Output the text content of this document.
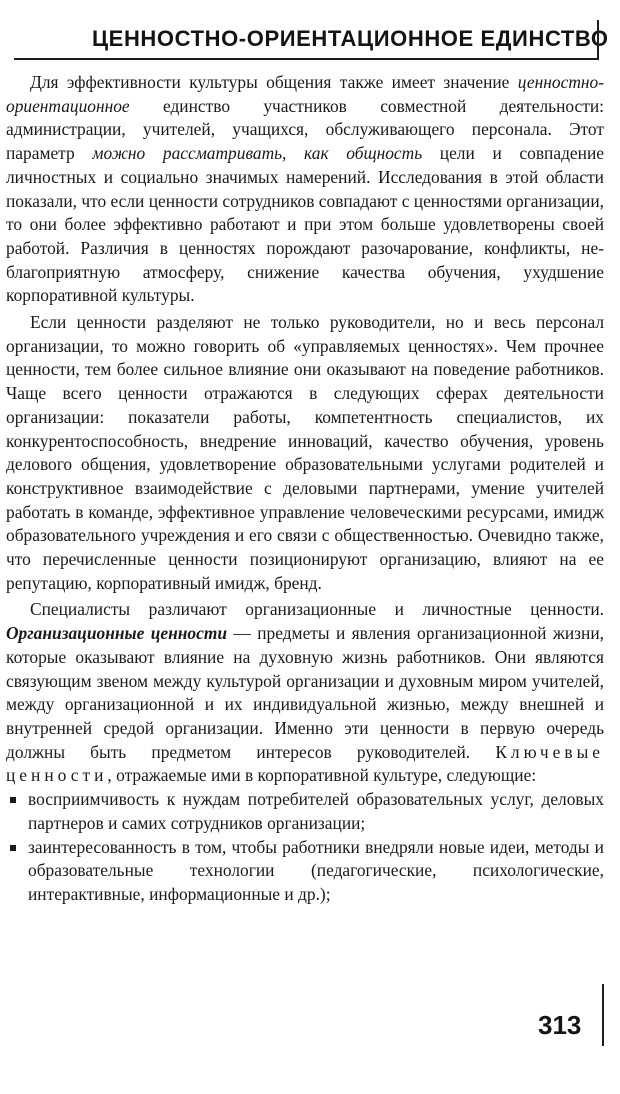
ЦЕННОСТНО-ОРИЕНТАЦИОННОЕ ЕДИНСТВО

Для эффективности культуры общения также имеет значение ценностно-ориентационное единство участников совместной деятельности: администрации, учителей, учащихся, обслуживающего персонала. Этот параметр можно рассматривать, как общность цели и совпадение личностных и социально значимых намерений. Исследования в этой области показали, что если ценности сотрудников совпадают с ценностями организации, то они более эффективно работают и при этом больше удовлетворены своей работой. Различия в ценностях порождают разочарование, конфликты, неблагоприятную атмосферу, снижение качества обучения, ухудшение корпоративной культуры.

Если ценности разделяют не только руководители, но и весь персонал организации, то можно говорить об «управляемых ценностях». Чем прочнее ценности, тем более сильное влияние они оказывают на поведение работников. Чаще всего ценности отражаются в следующих сферах деятельности организации: показатели работы, компетентность специалистов, их конкурентоспособность, внедрение инноваций, качество обучения, уровень делового общения, удовлетворение образовательными услугами родителей и конструктивное взаимодействие с деловыми партнерами, умение учителей работать в команде, эффективное управление человеческими ресурсами, имидж образовательного учреждения и его связи с общественностью. Очевидно также, что перечисленные ценности позиционируют организацию, влияют на ее репутацию, корпоративный имидж, бренд.

Специалисты различают организационные и личностные ценности. Организационные ценности — предметы и явления организационной жизни, которые оказывают влияние на духовную жизнь работников. Они являются связующим звеном между культурой организации и духовным миром учителей, между организационной и их индивидуальной жизнью, между внешней и внутренней средой организации. Именно эти ценности в первую очередь должны быть предметом интересов руководителей. Ключевые ценности, отражаемые ими в корпоративной культуре, следующие:

восприимчивость к нуждам потребителей образовательных услуг, деловых партнеров и самих сотрудников организации;
заинтересованность в том, чтобы работники внедряли новые идеи, методы и образовательные технологии (педагогические, психологические, интерактивные, информационные и др.);
313
